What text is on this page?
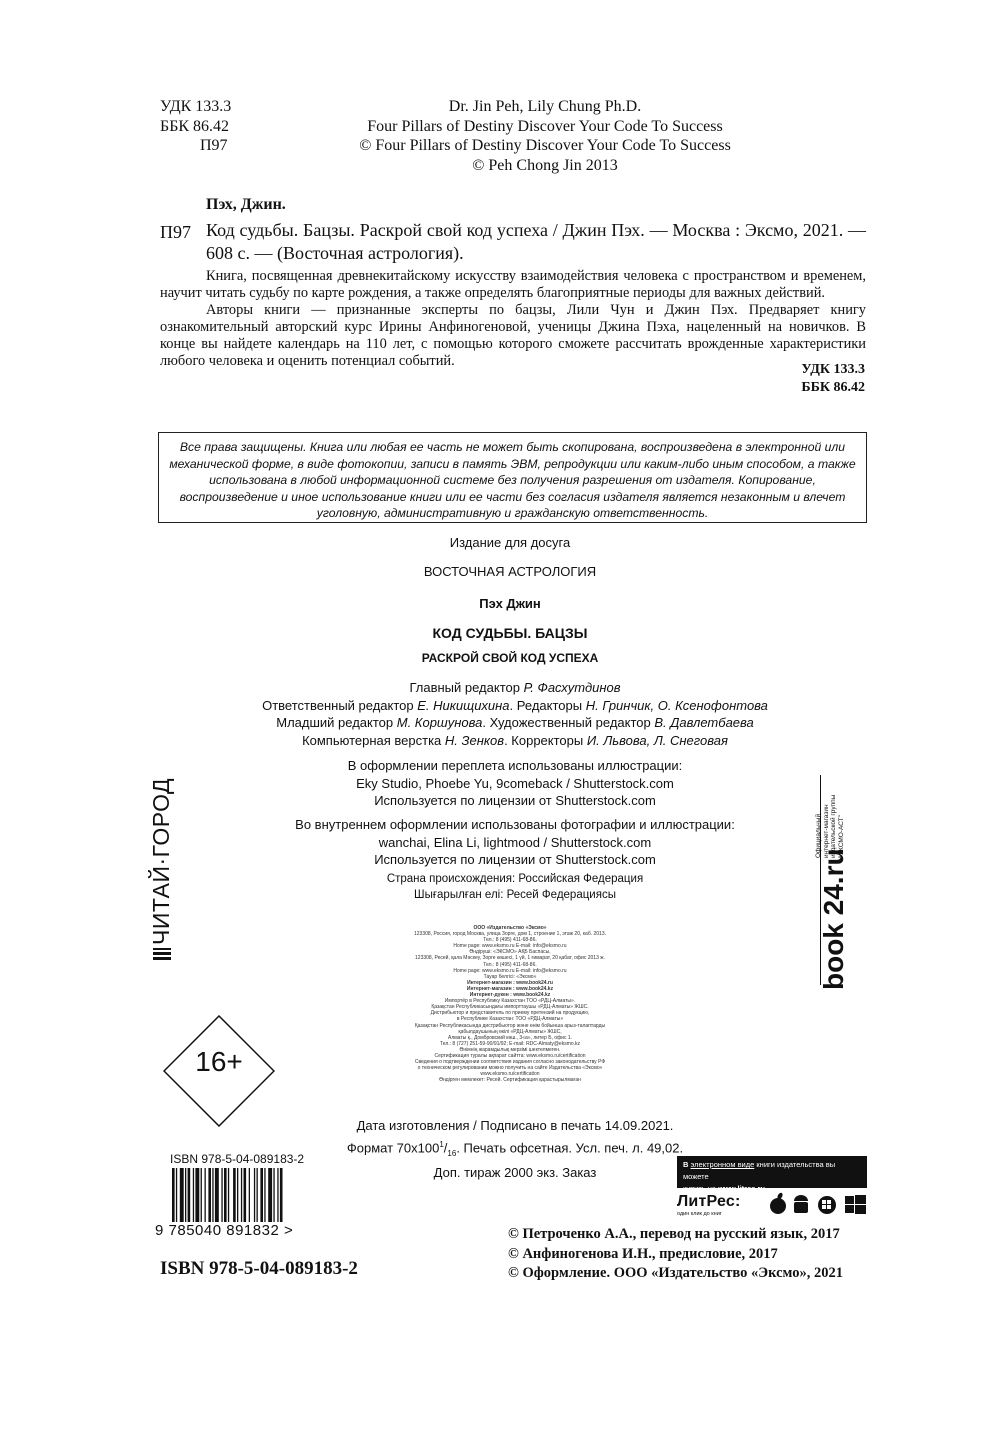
УДК 133.3
ББК 86.42
П97
Dr. Jin Peh, Lily Chung Ph.D.
Four Pillars of Destiny Discover Your Code To Success
© Four Pillars of Destiny Discover Your Code To Success
© Peh Chong Jin 2013
Пэх, Джин.
П97 Код судьбы. Бацзы. Раскрой свой код успеха / Джин Пэх. — Москва : Эксмо, 2021. — 608 с. — (Восточная астрология).

Книга, посвященная древнекитайскому искусству взаимодействия человека с пространством и временем, научит читать судьбу по карте рождения, а также определять благоприятные периоды для важных действий.

Авторы книги — признанные эксперты по бацзы, Лили Чун и Джин Пэх. Предваряет книгу ознакомительный авторский курс Ирины Анфиногеновой, ученицы Джина Пэха, нацеленный на новичков. В конце вы найдете календарь на 110 лет, с помощью которого сможете рассчитать врожденные характеристики любого человека и оценить потенциал событий.

УДК 133.3
ББК 86.42
Все права защищены. Книга или любая ее часть не может быть скопирована, воспроизведена в электронной или механической форме, в виде фотокопии, записи в память ЭВМ, репродукции или каким-либо иным способом, а также использована в любой информационной системе без получения разрешения от издателя. Копирование, воспроизведение и иное использование книги или ее части без согласия издателя является незаконным и влечет уголовную, административную и гражданскую ответственность.
Издание для досуга
ВОСТОЧНАЯ АСТРОЛОГИЯ
Пэх Джин
КОД СУДЬБЫ. БАЦЗЫ
РАСКРОЙ СВОЙ КОД УСПЕХА
Главный редактор Р. Фасхутдинов
Ответственный редактор Е. Никищихина. Редакторы Н. Гринчик, О. Ксенофонтова
Младший редактор М. Коршунова. Художественный редактор В. Давлетбаева
Компьютерная верстка Н. Зенков. Корректоры И. Львова, Л. Снеговая
В оформлении переплета использованы иллюстрации:
Eky Studio, Phoebe Yu, 9comeback / Shutterstock.com
Используется по лицензии от Shutterstock.com
Во внутреннем оформлении использованы фотографии и иллюстрации:
wanchai, Elina Li, lightmood / Shutterstock.com
Используется по лицензии от Shutterstock.com
Страна происхождения: Российская Федерация
Шығарылған елі: Ресей Федерациясы
ООО «Издательство «Эксмо»
123308, Россия, город Москва, улица Зорге, дом 1, строение 1, этаж 20, каб. 2013.
Тел.: 8 (495) 411-68-86.
Home page: www.eksmo.ru E-mail: info@eksmo.ru
Өндіруші: «ЭКСМО» АҚБ Баспасы,
123308, Ресей, қала Мәскеу, Зорге көшесі, 1 үй, 1 ғимарат, 20 қабат, офис 2013 ж.
Тел.: 8 (495) 411-68-86.
Home page: www.eksmo.ru E-mail: info@eksmo.ru
Тауар белгісі: «Эксмо»
Интернет-магазин : www.book24.ru
Интернет-магазин : www.book24.kz
Интернет-дүкен : www.book24.kz
Импортёр в Республику Казахстан ТОО «РДЦ-Алматы».
Қазақстан Республикасындағы импорттаушы «РДЦ-Алматы» ЖШС.
Дистрибьютор и представитель по приему претензий на продукцию,
в Республике Казахстан: ТОО «РДЦ-Алматы»
Қазақстан Республикасында дистрибьютор және өнім бойынша арыз-талаптарды
қабылдаушының өкілі «РДЦ-Алматы» ЖШС,
Алматы қ., Домбровский көш., 3«а», литер Б, офис 1.
Тел.: 8 (727) 251-59-90/91/92; E-mail: RDC-Almaty@eksmo.kz
Өнімнің жарамдылық мерзімі шектелмеген.
Сертификация туралы ақпарат сайтта: www.eksmo.ru/certification
Сведения о подтверждении соответствия издания согласно законодательству РФ
о техническом регулировании можно получить на сайте Издательства «Эксмо»
www.eksmo.ru/certification
Өндірген мемлекет: Ресей. Сертификация қарастырылмаған
16+
ЧИТАЙ·ГОРОД	book 24.ru
Официальный интернет-магазин издательской группы "ЭКСМО-АСТ"
Дата изготовления / Подписано в печать 14.09.2021.
Формат $70x100^1/_{16}$. Печать офсетная. Усл. печ. л. 49,02.
Доп. тираж 2000 экз. Заказ
ISBN 978-5-04-089183-2
9 785040 891832 >
ISBN 978-5-04-089183-2
В электронном виде книги издательства вы можете
купить на www.litres.ru
ЛитРес:
один клик до книг
© Петроченко А.А., перевод на русский язык, 2017
© Анфиногенова И.Н., предисловие, 2017
© Оформление. ООО «Издательство «Эксмо», 2021
